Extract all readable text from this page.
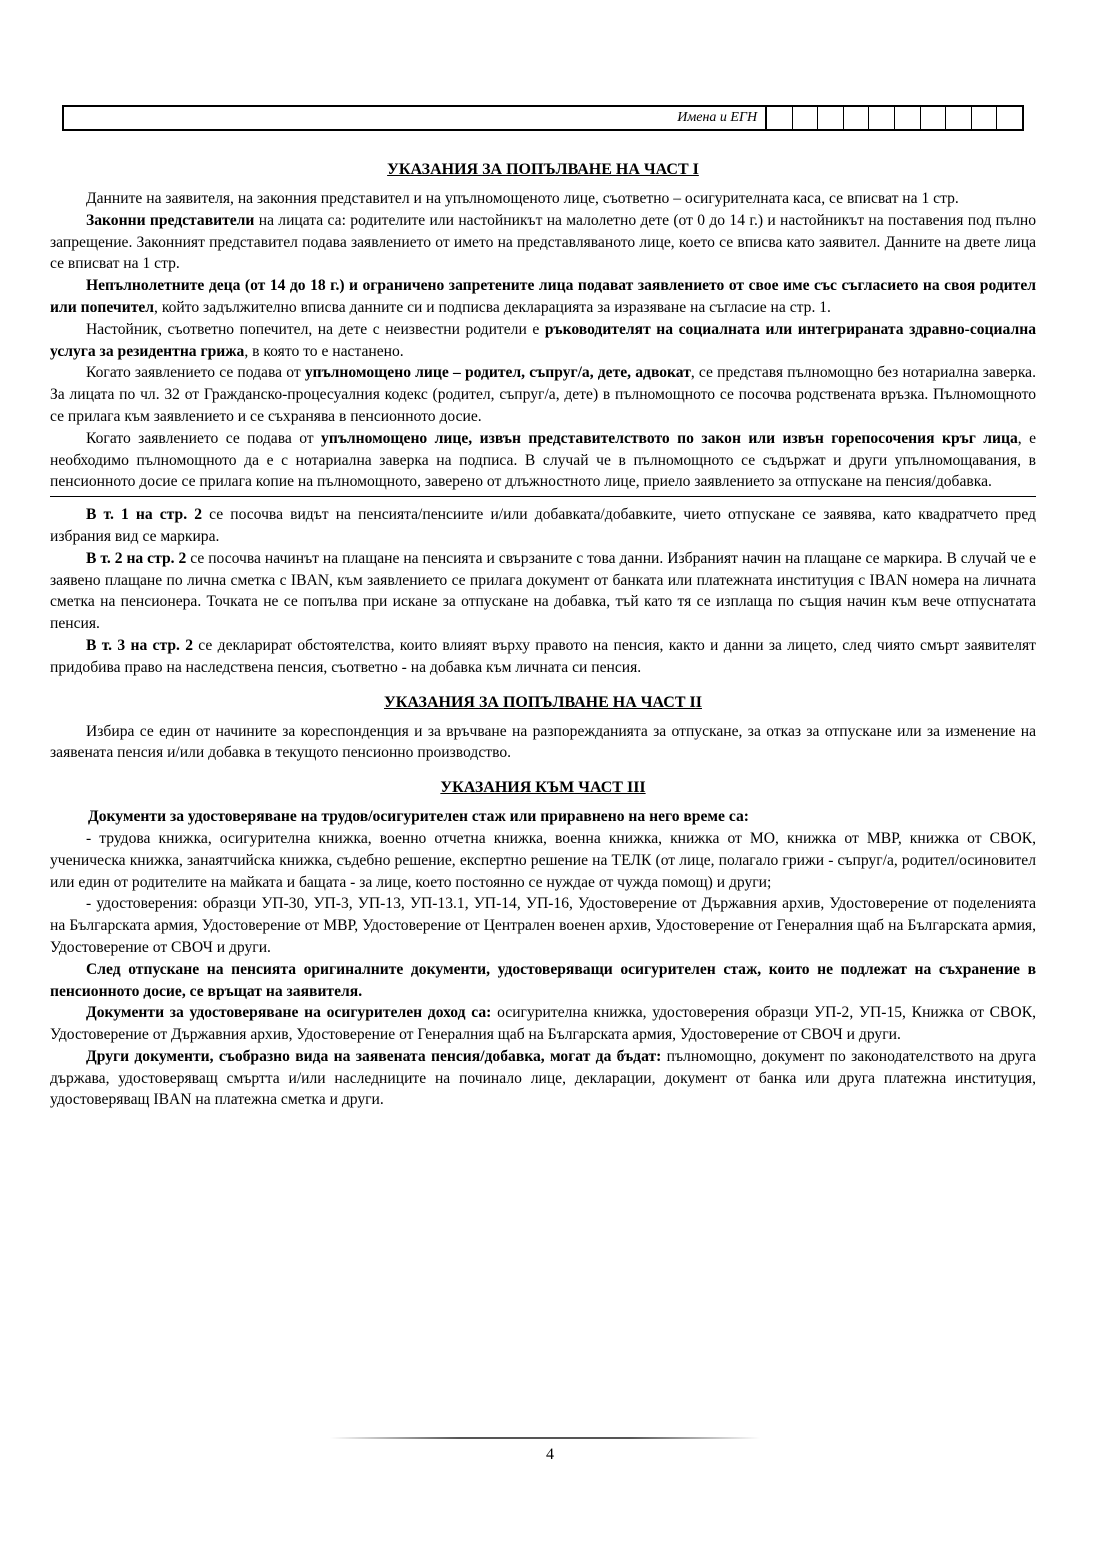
Имена и ЕГН
УКАЗАНИЯ ЗА ПОПЪЛВАНЕ НА ЧАСТ I

Данните на заявителя, на законния представител и на упълномощеното лице, съответно – осигурителната каса, се вписват на 1 стр.

Законни представители на лицата са: родителите или настойникът на малолетно дете (от 0 до 14 г.) и настойникът на поставения под пълно запрещение. Законният представител подава заявлението от името на представляваното лице, което се вписва като заявител. Данните на двете лица се вписват на 1 стр.

Непълнолетните деца (от 14 до 18 г.) и ограничено запретените лица подават заявлението от свое име със съгласието на своя родител или попечител, който задължително вписва данните си и подписва декларацията за изразяване на съгласие на стр. 1.

Настойник, съответно попечител, на дете с неизвестни родители е ръководителят на социалната или интегрираната здравно-социална услуга за резидентна грижа, в която то е настанено.

Когато заявлението се подава от упълномощено лице – родител, съпруг/а, дете, адвокат, се представя пълномощно без нотариална заверка. За лицата по чл. 32 от Гражданско-процесуалния кодекс (родител, съпруг/а, дете) в пълномощното се посочва родствената връзка. Пълномощното се прилага към заявлението и се съхранява в пенсионното досие.

Когато заявлението се подава от упълномощено лице, извън представителството по закон или извън горепосочения кръг лица, е необходимо пълномощното да е с нотариална заверка на подписа. В случай че в пълномощното се съдържат и други упълномощавания, в пенсионното досие се прилага копие на пълномощното, заверено от длъжностното лице, приело заявлението за отпускане на пенсия/добавка.

В т. 1 на стр. 2 се посочва видът на пенсията/пенсиите и/или добавката/добавките, чието отпускане се заявява, като квадратчето пред избрания вид се маркира.

В т. 2 на стр. 2 се посочва начинът на плащане на пенсията и свързаните с това данни. Избраният начин на плащане се маркира. В случай че е заявено плащане по лична сметка с IBAN, към заявлението се прилага документ от банката или платежната институция с IBAN номера на личната сметка на пенсионера. Точката не се попълва при искане за отпускане на добавка, тъй като тя се изплаща по същия начин към вече отпуснатата пенсия.

В т. 3 на стр. 2 се декларират обстоятелства, които влияят върху правото на пенсия, както и данни за лицето, след чиято смърт заявителят придобива право на наследствена пенсия, съответно - на добавка към личната си пенсия.

УКАЗАНИЯ ЗА ПОПЪЛВАНЕ НА ЧАСТ II

Избира се един от начините за кореспонденция и за връчване на разпорежданията за отпускане, за отказ за отпускане или за изменение на заявената пенсия и/или добавка в текущото пенсионно производство.

УКАЗАНИЯ КЪМ ЧАСТ III

Документи за удостоверяване на трудов/осигурителен стаж или приравнено на него време са:

- трудова книжка, осигурителна книжка, военно отчетна книжка, военна книжка, книжка от МО, книжка от МВР, книжка от СВОК, ученическа книжка, занаятчийска книжка, съдебно решение, експертно решение на ТЕЛК (от лице, полагало грижи - съпруг/а, родител/осиновител или един от родителите на майката и бащата - за лице, което постоянно се нуждае от чужда помощ) и други;

- удостоверения: образци УП-30, УП-3, УП-13, УП-13.1, УП-14, УП-16, Удостоверение от Държавния архив, Удостоверение от поделенията на Българската армия, Удостоверение от МВР, Удостоверение от Централен военен архив, Удостоверение от Генералния щаб на Българската армия, Удостоверение от СВОЧ и други.

След отпускане на пенсията оригиналните документи, удостоверяващи осигурителен стаж, които не подлежат на съхранение в пенсионното досие, се връщат на заявителя.

Документи за удостоверяване на осигурителен доход са: осигурителна книжка, удостоверения образци УП-2, УП-15, Книжка от СВОК, Удостоверение от Държавния архив, Удостоверение от Генералния щаб на Българската армия, Удостоверение от СВОЧ и други.

Други документи, съобразно вида на заявената пенсия/добавка, могат да бъдат: пълномощно, документ по законодателството на друга държава, удостоверяващ смъртта и/или наследниците на починало лице, декларации, документ от банка или друга платежна институция, удостоверяващ IBAN на платежна сметка и други.

4
